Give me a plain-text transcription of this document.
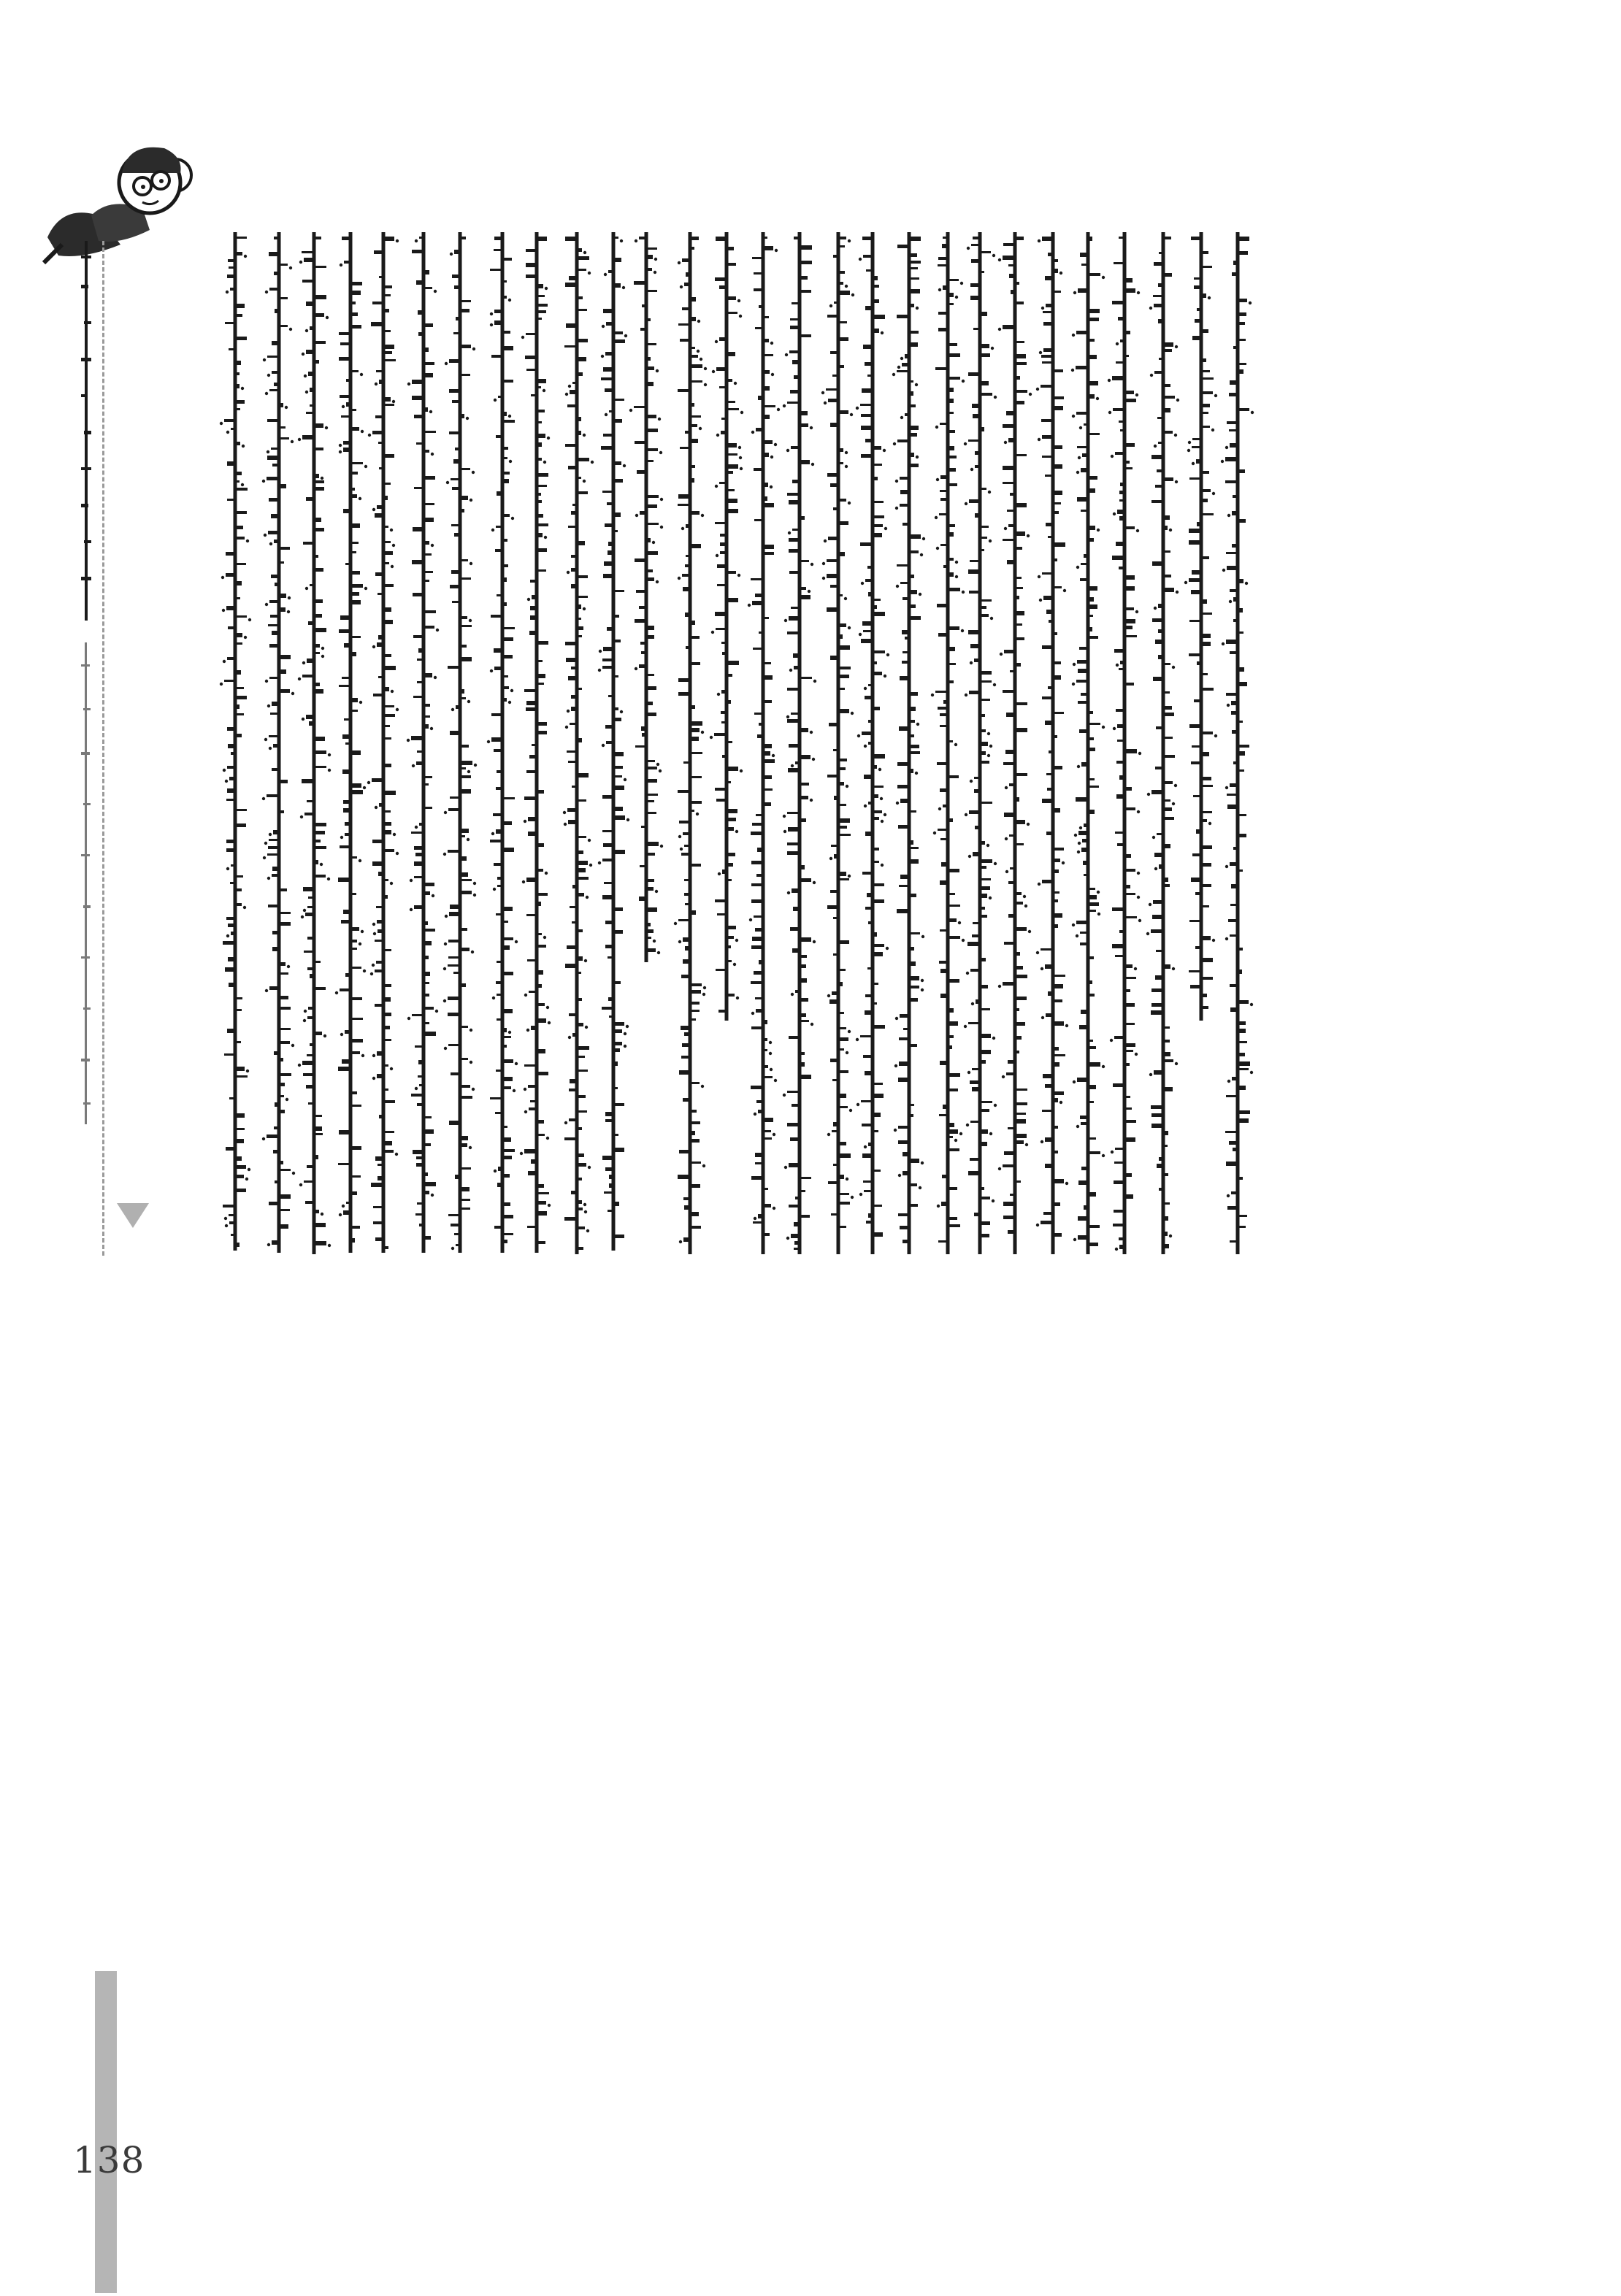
138
